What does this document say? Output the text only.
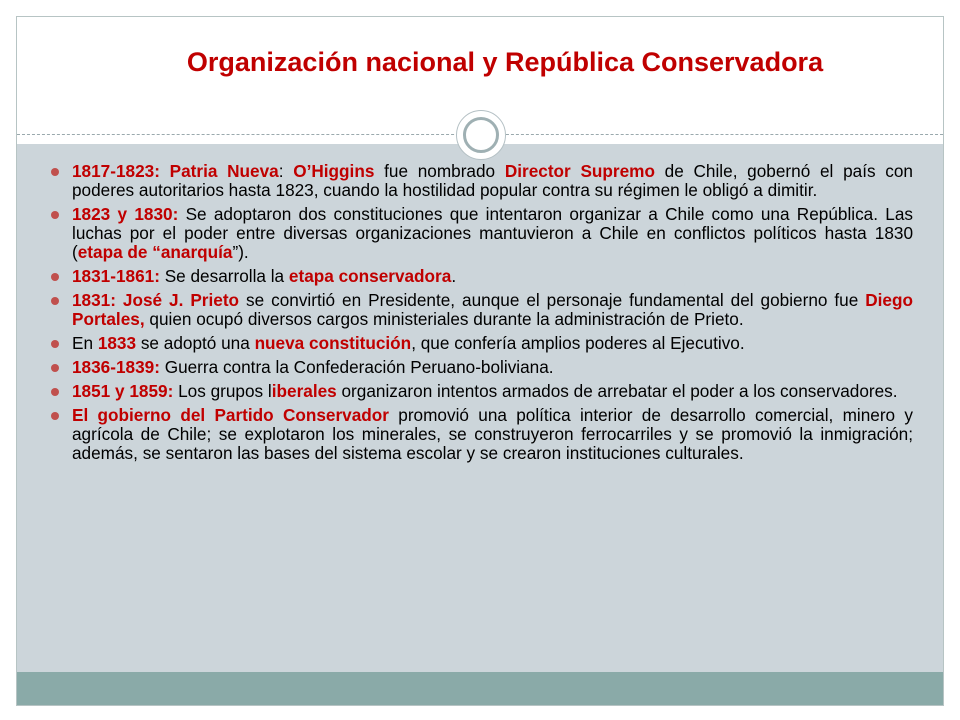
Organización nacional y República Conservadora
1817-1823: Patria Nueva: O’Higgins fue nombrado Director Supremo de Chile, gobernó el país con poderes autoritarios hasta 1823, cuando la hostilidad popular contra su régimen le obligó a dimitir.
1823 y 1830: Se adoptaron dos constituciones que intentaron organizar a Chile como una República. Las luchas por el poder entre diversas organizaciones mantuvieron a Chile en conflictos políticos hasta 1830 (etapa de “anarquía”).
1831-1861: Se desarrolla la etapa conservadora.
1831: José J. Prieto se convirtió en Presidente, aunque el personaje fundamental del gobierno fue Diego Portales, quien ocupó diversos cargos ministeriales durante la administración de Prieto.
En 1833 se adoptó una nueva constitución, que confería amplios poderes al Ejecutivo.
1836-1839: Guerra contra la Confederación Peruano-boliviana.
1851 y 1859: Los grupos liberales organizaron intentos armados de arrebatar el poder a los conservadores.
El gobierno del Partido Conservador promovió una política interior de desarrollo comercial, minero y agrícola de Chile; se explotaron los minerales, se construyeron ferrocarriles y se promovió la inmigración; además, se sentaron las bases del sistema escolar y se crearon instituciones culturales.
